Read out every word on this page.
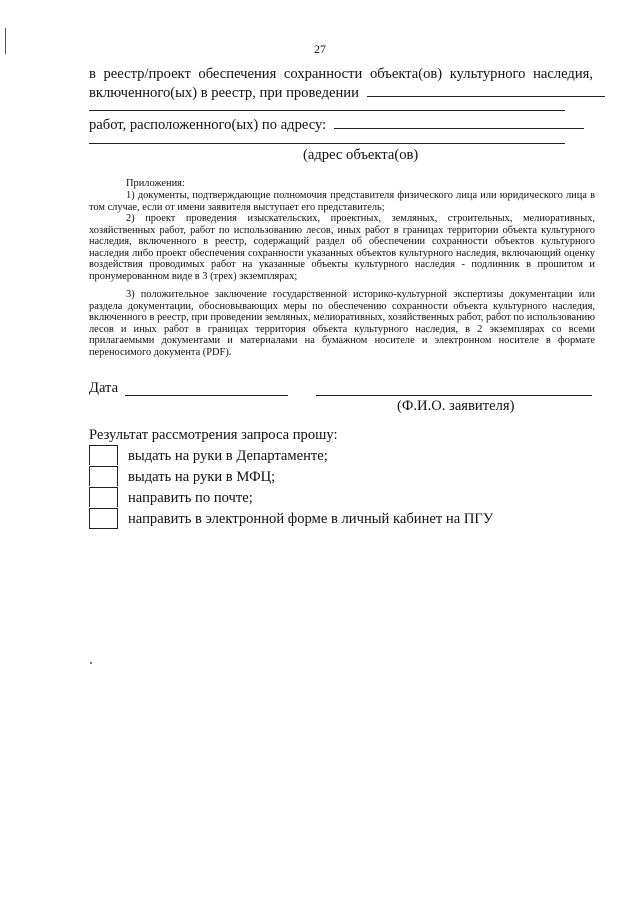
27
в реестр/проект обеспечения сохранности объекта(ов) культурного наследия,
включенного(ых) в реестр, при проведении
работ, расположенного(ых) по адресу:
(адрес объекта(ов)
Приложения:

1) документы, подтверждающие полномочия представителя физического лица или юридического лица в том случае, если от имени заявителя выступает его представитель;

2) проект проведения изыскательских, проектных, земляных, строительных, мелиоративных, хозяйственных работ, работ по использованию лесов, иных работ в границах территории объекта культурного наследия, включенного в реестр, содержащий раздел об обеспечении сохранности объектов культурного наследия либо проект обеспечения сохранности указанных объектов культурного наследия, включающий оценку воздействия проводимых работ на указанные объекты культурного наследия - подлинник в прошитом и пронумерованном виде в 3 (трех) экземплярах;

3) положительное заключение государственной историко-культурной экспертизы документации или раздела документации, обосновывающих меры по обеспечению сохранности объекта культурного наследия, включенного в реестр, при проведении земляных, мелиоративных, хозяйственных работ, работ по использованию лесов и иных работ в границах территория объекта культурного наследия, в 2 экземплярах со всеми прилагаемыми документами и материалами на бумажном носителе и электронном носителе в формате переносимого документа (PDF).

Дата
(Ф.И.О. заявителя)
Результат рассмотрения запроса прошу:
выдать на руки в Департаменте;
выдать на руки в МФЦ;
направить по почте;
направить в электронной форме в личный кабинет на ПГУ
